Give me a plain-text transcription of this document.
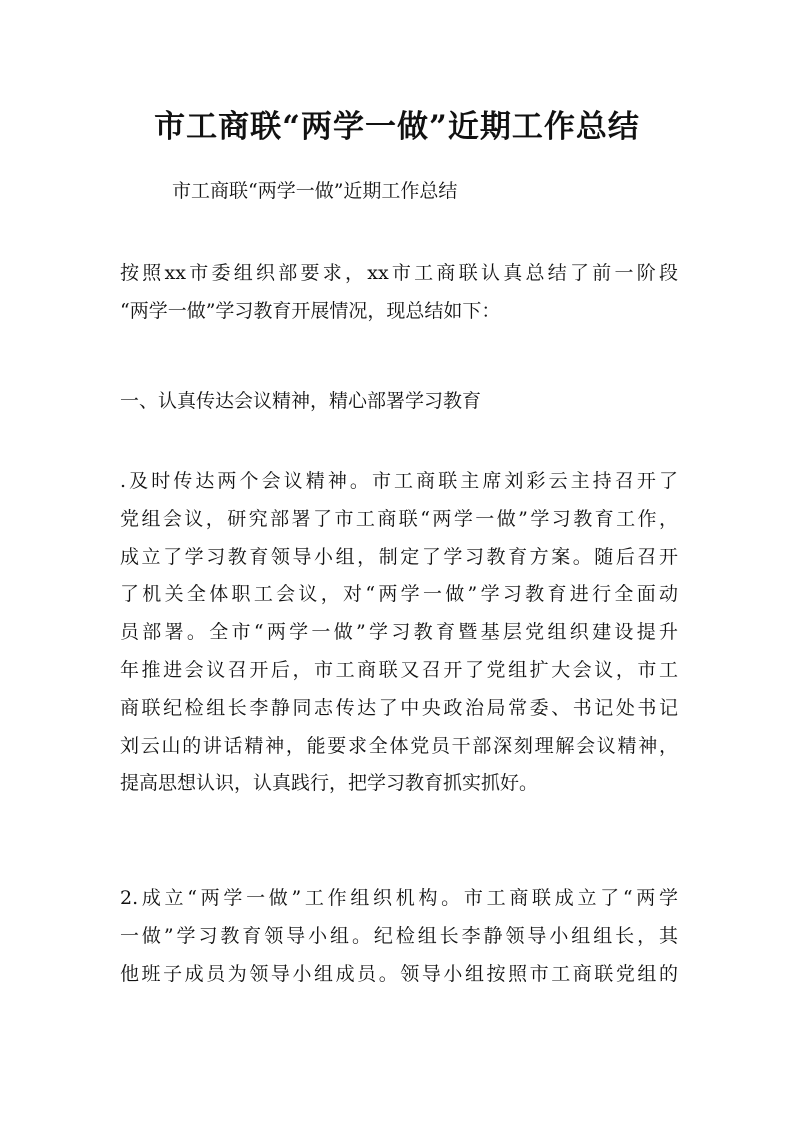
市工商联“两学一做”近期工作总结

市工商联“两学一做”近期工作总结

按照xx市委组织部要求，xx市工商联认真总结了前一阶段
“两学一做”学习教育开展情况，现总结如下：

一、认真传达会议精神，精心部署学习教育

.及时传达两个会议精神。市工商联主席刘彩云主持召开了
党组会议，研究部署了市工商联“两学一做”学习教育工作，
成立了学习教育领导小组，制定了学习教育方案。随后召开
了机关全体职工会议，对“两学一做”学习教育进行全面动
员部署。全市“两学一做”学习教育暨基层党组织建设提升
年推进会议召开后，市工商联又召开了党组扩大会议，市工
商联纪检组长李静同志传达了中央政治局常委、书记处书记
刘云山的讲话精神，能要求全体党员干部深刻理解会议精神，
提高思想认识，认真践行，把学习教育抓实抓好。

2.成立“两学一做”工作组织机构。市工商联成立了“两学
一做”学习教育领导小组。纪检组长李静领导小组组长，其
他班子成员为领导小组成员。领导小组按照市工商联党组的
